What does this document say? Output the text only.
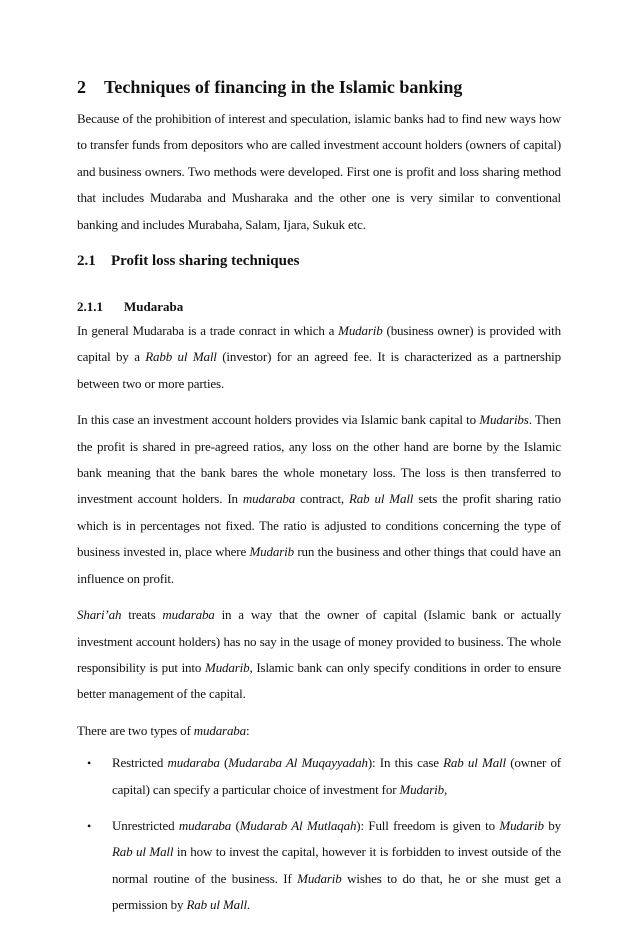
2 Techniques of financing in the Islamic banking

Because of the prohibition of interest and speculation, islamic banks had to find new ways how to transfer funds from depositors who are called investment account holders (owners of capital) and business owners. Two methods were developed. First one is profit and loss sharing method that includes Mudaraba and Musharaka and the other one is very similar to conventional banking and includes Murabaha, Salam, Ijara, Sukuk etc.

2.1 Profit loss sharing techniques
2.1.1 Mudaraba

In general Mudaraba is a trade conract in which a Mudarib (business owner) is provided with capital by a Rabb ul Mall (investor) for an agreed fee. It is characterized as a partnership between two or more parties.

In this case an investment account holders provides via Islamic bank capital to Mudaribs. Then the profit is shared in pre-agreed ratios, any loss on the other hand are borne by the Islamic bank meaning that the bank bares the whole monetary loss. The loss is then transferred to investment account holders. In mudaraba contract, Rab ul Mall sets the profit sharing ratio which is in percentages not fixed. The ratio is adjusted to conditions concerning the type of business invested in, place where Mudarib run the business and other things that could have an influence on profit.

Shari’ah treats mudaraba in a way that the owner of capital (Islamic bank or actually investment account holders) has no say in the usage of money provided to business. The whole responsibility is put into Mudarib, Islamic bank can only specify conditions in order to ensure better management of the capital.

There are two types of mudaraba:

• Restricted mudaraba (Mudaraba Al Muqayyadah): In this case Rab ul Mall (owner of capital) can specify a particular choice of investment for Mudarib,
• Unrestricted mudaraba (Mudarab Al Mutlaqah): Full freedom is given to Mudarib by Rab ul Mall in how to invest the capital, however it is forbidden to invest outside of the normal routine of the business. If Mudarib wishes to do that, he or she must get a permission by Rab ul Mall.
